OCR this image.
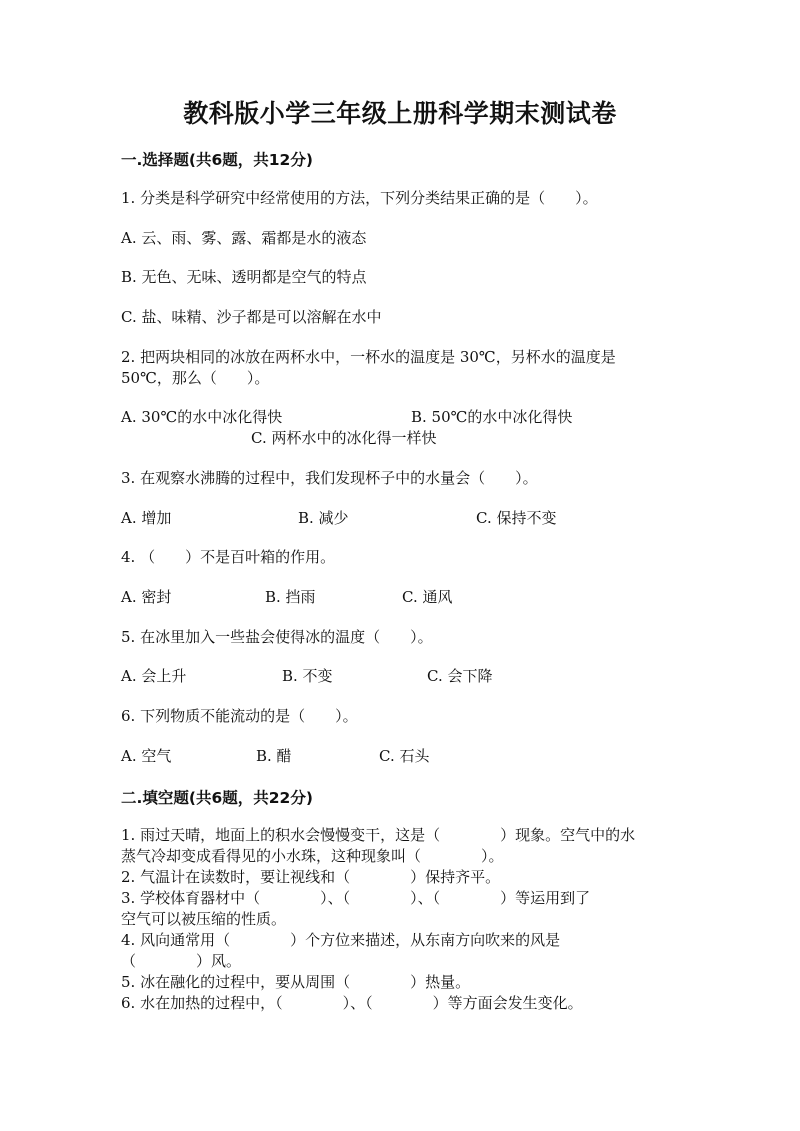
教科版小学三年级上册科学期末测试卷
一.选择题(共6题，共12分)
1. 分类是科学研究中经常使用的方法，下列分类结果正确的是（　　）。
A. 云、雨、雾、露、霜都是水的液态
B. 无色、无味、透明都是空气的特点
C. 盐、味精、沙子都是可以溶解在水中
2. 把两块相同的冰放在两杯水中，一杯水的温度是 30℃，另杯水的温度是
50℃，那么（　　）。
A. 30℃的水中冰化得快	B. 50℃的水中冰化得快
C. 两杯水中的冰化得一样快
3. 在观察水沸腾的过程中，我们发现杯子中的水量会（　　）。
A. 增加	B. 减少	C. 保持不变
4. （　　）不是百叶箱的作用。
A. 密封	B. 挡雨	C. 通风
5. 在冰里加入一些盐会使得冰的温度（　　）。
A. 会上升	B. 不变	C. 会下降
6. 下列物质不能流动的是（　　）。
A. 空气	B. 醋	C. 石头
二.填空题(共6题，共22分)
1. 雨过天晴，地面上的积水会慢慢变干，这是（　　　　）现象。空气中的水
蒸气冷却变成看得见的小水珠，这种现象叫（　　　　）。
2. 气温计在读数时，要让视线和（　　　　）保持齐平。
3. 学校体育器材中（　　　　）、（　　　　）、（　　　　）等运用到了
空气可以被压缩的性质。
4. 风向通常用（　　　　）个方位来描述，从东南方向吹来的风是
（　　　　）风。
5. 冰在融化的过程中，要从周围（　　　　）热量。
6. 水在加热的过程中，（　　　　）、（　　　　）等方面会发生变化。
